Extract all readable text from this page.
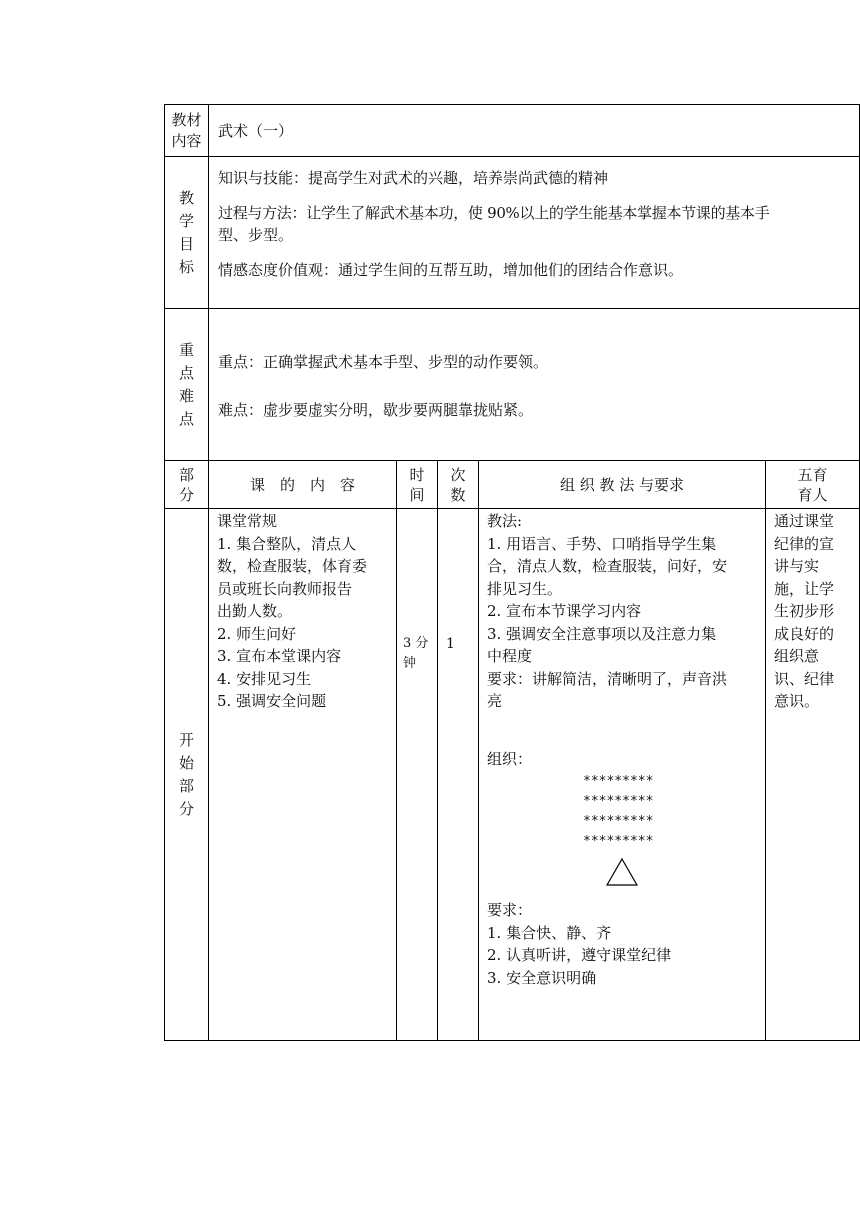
教材
内容
武术（一）
教
学
目
标
知识与技能：提高学生对武术的兴趣，培养崇尚武德的精神
过程与方法：让学生了解武术基本功，使 90%以上的学生能基本掌握本节课的基本手
型、步型。
情感态度价值观：通过学生间的互帮互助，增加他们的团结合作意识。
重
点
难
点
重点：正确掌握武术基本手型、步型的动作要领。
难点：虚步要虚实分明，歇步要两腿靠拢贴紧。
部
分
课　的　内　容
时
间
次
数
组 织 教 法 与要求
五育
育人
开
始
部
分
课堂常规
1. 集合整队，清点人
数，检查服装，体育委
员或班长向教师报告
出勤人数。
2. 师生问好
3. 宣布本堂课内容
4. 安排见习生
5. 强调安全问题
3 分
钟
1
教法:
1. 用语言、手势、口哨指导学生集
合，清点人数，检查服装，问好，安
排见习生。
2. 宣布本节课学习内容
3. 强调安全注意事项以及注意力集
中程度
要求：讲解简洁，清晰明了，声音洪
亮
组织：
*********
*********
*********
*********
要求：
1. 集合快、静、齐
2. 认真听讲，遵守课堂纪律
3. 安全意识明确
通过课堂
纪律的宣
讲与实
施，让学
生初步形
成良好的
组织意
识、纪律
意识。
